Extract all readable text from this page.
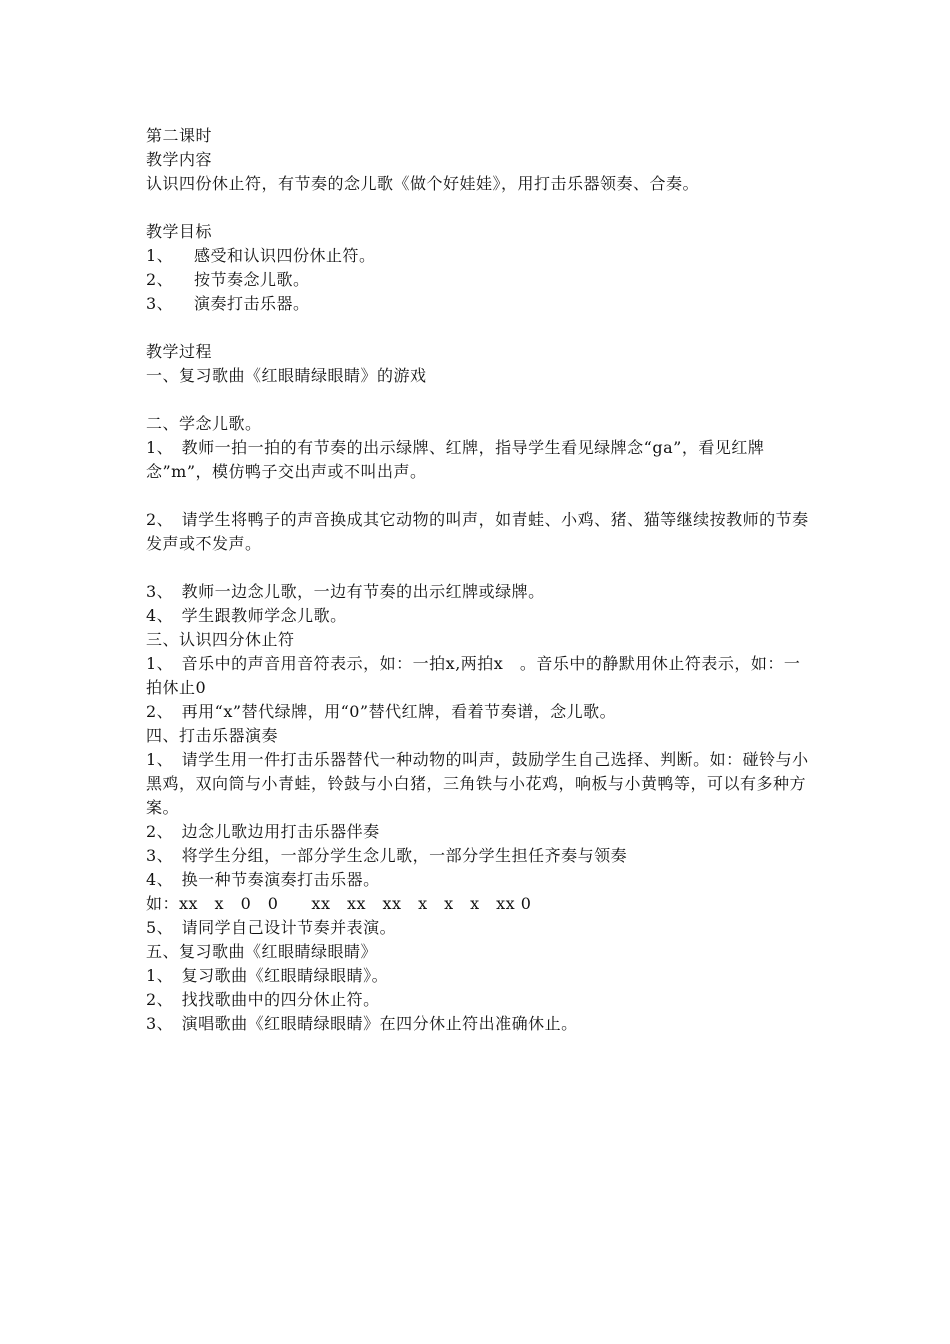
第二课时
教学内容
认识四份休止符，有节奏的念儿歌《做个好娃娃》，用打击乐器领奏、合奏。
教学目标
1、 感受和认识四份休止符。
2、 按节奏念儿歌。
3、 演奏打击乐器。
教学过程
一、复习歌曲《红眼睛绿眼睛》的游戏
二、学念儿歌。
1、　教师一拍一拍的有节奏的出示绿牌、红牌，指导学生看见绿牌念“ga”，看见红牌念”m”，模仿鸭子交出声或不叫出声。
2、　请学生将鸭子的声音换成其它动物的叫声，如青蛙、小鸡、猪、猫等继续按教师的节奏发声或不发声。
3、　教师一边念儿歌，一边有节奏的出示红牌或绿牌。
4、　学生跟教师学念儿歌。
三、认识四分休止符
1、　音乐中的声音用音符表示，如：一拍x,两拍x　。音乐中的静默用休止符表示，如：一拍休止0
2、　再用“x”替代绿牌，用“0”替代红牌，看着节奏谱，念儿歌。
四、打击乐器演奏
1、　请学生用一件打击乐器替代一种动物的叫声，鼓励学生自己选择、判断。如：碰铃与小黑鸡，双向筒与小青蛙，铃鼓与小白猪，三角铁与小花鸡，响板与小黄鸭等，可以有多种方案。
2、　边念儿歌边用打击乐器伴奏
3、　将学生分组，一部分学生念儿歌，一部分学生担任齐奏与领奏
4、　换一种节奏演奏打击乐器。
如：xx　x　0　0　　xx　xx　xx　x　x　x　xx 0
5、　请同学自己设计节奏并表演。
五、复习歌曲《红眼睛绿眼睛》
1、　复习歌曲《红眼睛绿眼睛》。
2、　找找歌曲中的四分休止符。
3、　演唱歌曲《红眼睛绿眼睛》在四分休止符出准确休止。
